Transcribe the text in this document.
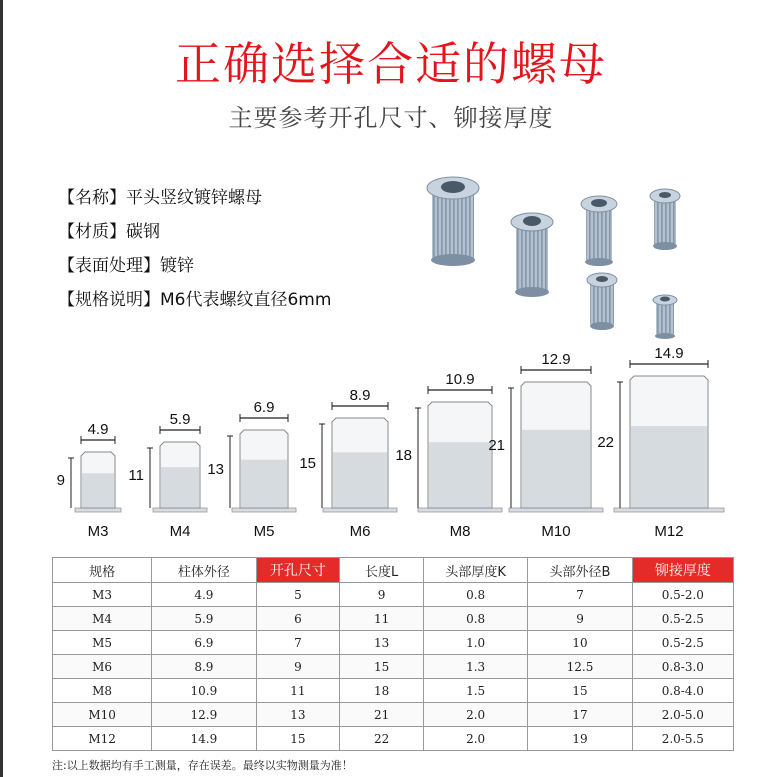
正确选择合适的螺母
主要参考开孔尺寸、铆接厚度
【名称】平头竖纹镀锌螺母
【材质】碳钢
【表面处理】镀锌
【规格说明】M6代表螺纹直径6mm
4.9
9
M3
5.9
11
M4
6.9
13
M5
8.9
15
M6
10.9
18
M8
12.9
21
M10
14.9
22
M12
规格	柱体外径	开孔尺寸	长度L	头部厚度K	头部外径B	铆接厚度
M3	4.9	5	9	0.8	7	0.5-2.0
M4	5.9	6	11	0.8	9	0.5-2.5
M5	6.9	7	13	1.0	10	0.5-2.5
M6	8.9	9	15	1.3	12.5	0.8-3.0
M8	10.9	11	18	1.5	15	0.8-4.0
M10	12.9	13	21	2.0	17	2.0-5.0
M12	14.9	15	22	2.0	19	2.0-5.5
注:以上数据均有手工测量，存在误差。最终以实物测量为准！
